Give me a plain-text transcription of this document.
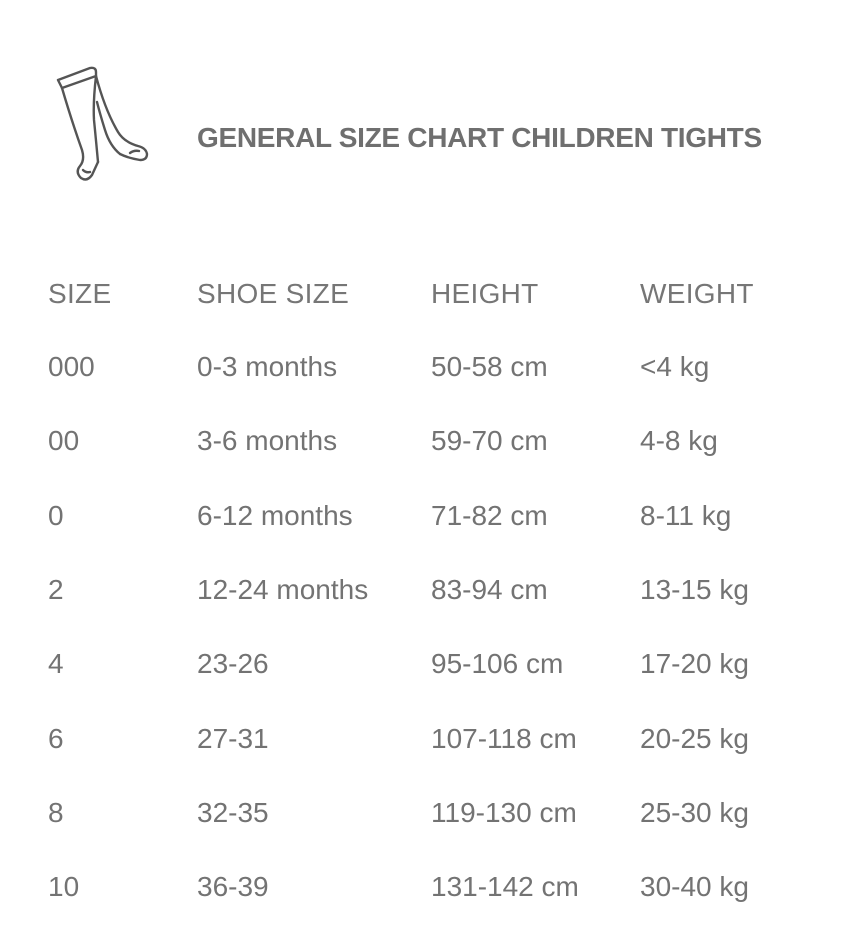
GENERAL SIZE CHART CHILDREN TIGHTS
SIZE	SHOE SIZE	HEIGHT	WEIGHT
000	0-3 months	50-58 cm	<4 kg
00	3-6 months	59-70 cm	4-8 kg
0	6-12 months	71-82 cm	8-11 kg
2	12-24 months	83-94 cm	13-15 kg
4	23-26	95-106 cm	17-20 kg
6	27-31	107-118 cm	20-25 kg
8	32-35	119-130 cm	25-30 kg
10	36-39	131-142 cm	30-40 kg
